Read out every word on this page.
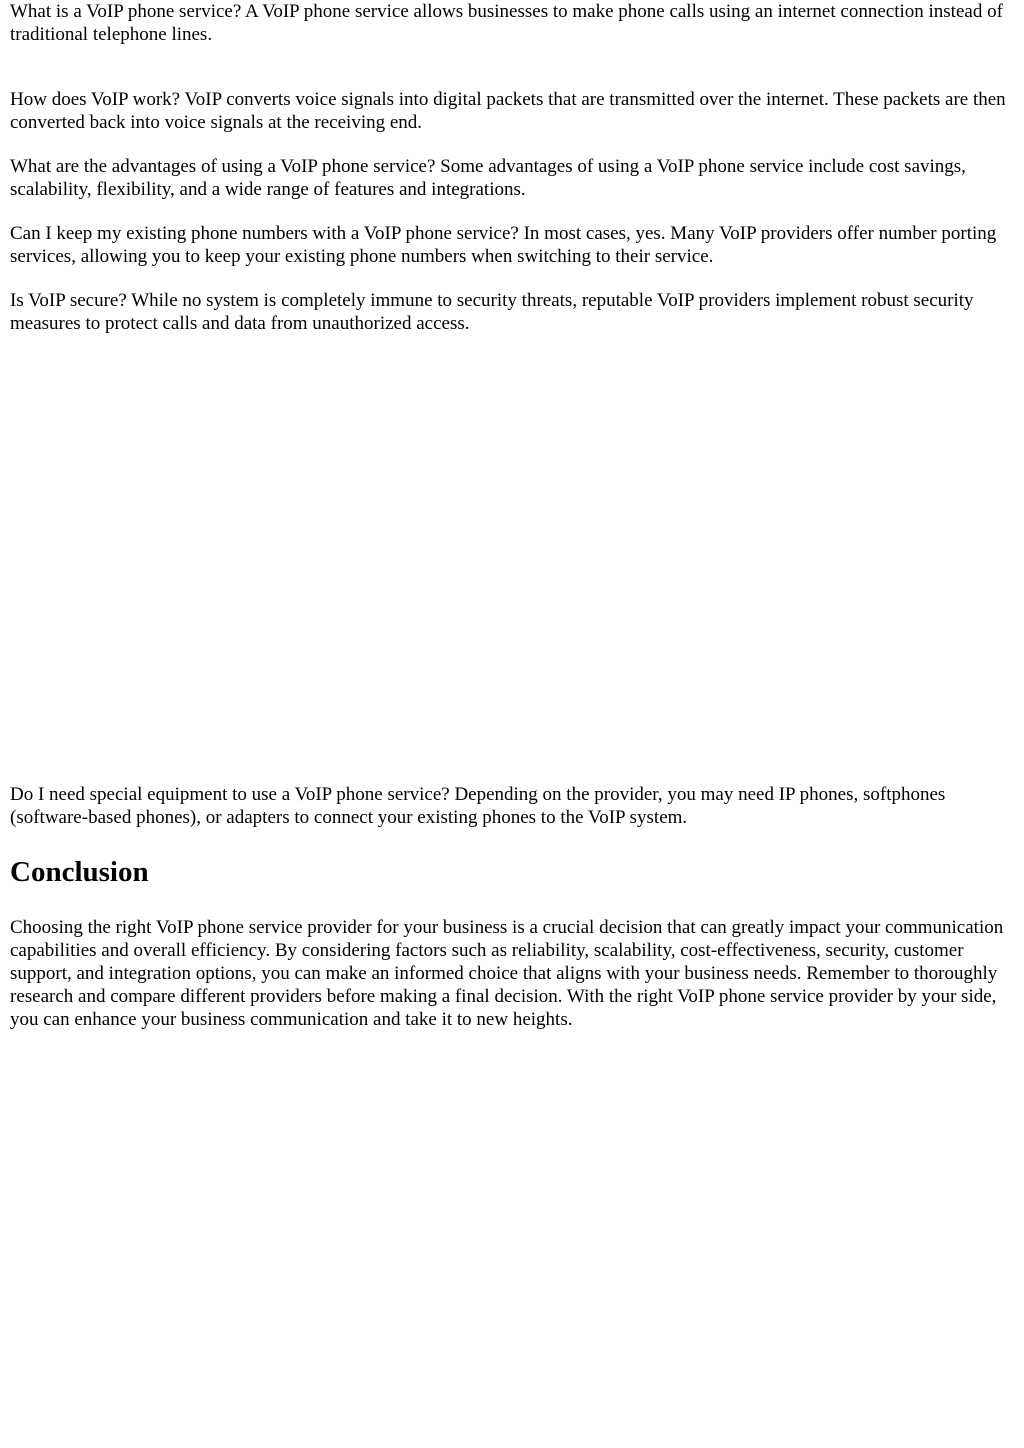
What is a VoIP phone service? A VoIP phone service allows businesses to make phone calls using an internet connection instead of traditional telephone lines.

How does VoIP work? VoIP converts voice signals into digital packets that are transmitted over the internet. These packets are then converted back into voice signals at the receiving end.

What are the advantages of using a VoIP phone service? Some advantages of using a VoIP phone service include cost savings, scalability, flexibility, and a wide range of features and integrations.

Can I keep my existing phone numbers with a VoIP phone service? In most cases, yes. Many VoIP providers offer number porting services, allowing you to keep your existing phone numbers when switching to their service.

Is VoIP secure? While no system is completely immune to security threats, reputable VoIP providers implement robust security measures to protect calls and data from unauthorized access.

Do I need special equipment to use a VoIP phone service? Depending on the provider, you may need IP phones, softphones (software-based phones), or adapters to connect your existing phones to the VoIP system.

Conclusion

Choosing the right VoIP phone service provider for your business is a crucial decision that can greatly impact your communication capabilities and overall efficiency. By considering factors such as reliability, scalability, cost-effectiveness, security, customer support, and integration options, you can make an informed choice that aligns with your business needs. Remember to thoroughly research and compare different providers before making a final decision. With the right VoIP phone service provider by your side, you can enhance your business communication and take it to new heights.
